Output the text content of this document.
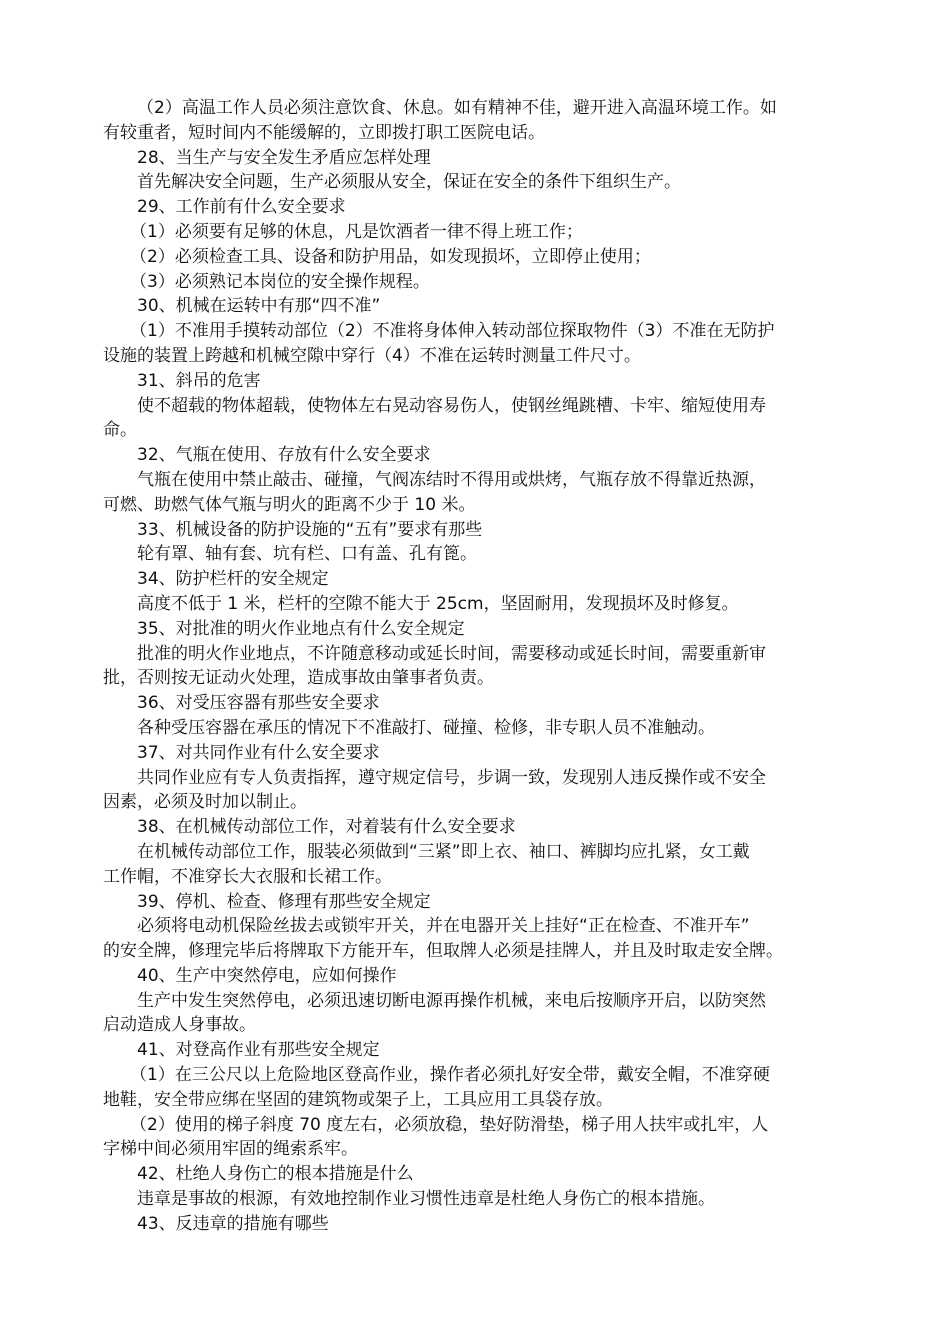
（2）高温工作人员必须注意饮食、休息。如有精神不佳，避开进入高温环境工作。如
有较重者，短时间内不能缓解的，立即拨打职工医院电话。
28、当生产与安全发生矛盾应怎样处理
首先解决安全问题，生产必须服从安全，保证在安全的条件下组织生产。
29、工作前有什么安全要求
（1）必须要有足够的休息，凡是饮酒者一律不得上班工作；
（2）必须检查工具、设备和防护用品，如发现损坏，立即停止使用；
（3）必须熟记本岗位的安全操作规程。
30、机械在运转中有那“四不准”
（1）不准用手摸转动部位（2）不准将身体伸入转动部位探取物件（3）不准在无防护
设施的装置上跨越和机械空隙中穿行（4）不准在运转时测量工件尺寸。
31、斜吊的危害
使不超载的物体超载，使物体左右晃动容易伤人，使钢丝绳跳槽、卡牢、缩短使用寿
命。
32、气瓶在使用、存放有什么安全要求
气瓶在使用中禁止敲击、碰撞，气阀冻结时不得用或烘烤，气瓶存放不得靠近热源，
可燃、助燃气体气瓶与明火的距离不少于 10 米。
33、机械设备的防护设施的“五有”要求有那些
轮有罩、轴有套、坑有栏、口有盖、孔有篦。
34、防护栏杆的安全规定
高度不低于 1 米，栏杆的空隙不能大于 25cm，坚固耐用，发现损坏及时修复。
35、对批准的明火作业地点有什么安全规定
批准的明火作业地点，不许随意移动或延长时间，需要移动或延长时间，需要重新审
批，否则按无证动火处理，造成事故由肇事者负责。
36、对受压容器有那些安全要求
各种受压容器在承压的情况下不准敲打、碰撞、检修，非专职人员不准触动。
37、对共同作业有什么安全要求
共同作业应有专人负责指挥，遵守规定信号，步调一致，发现别人违反操作或不安全
因素，必须及时加以制止。
38、在机械传动部位工作，对着装有什么安全要求
在机械传动部位工作，服装必须做到“三紧”即上衣、袖口、裤脚均应扎紧，女工戴
工作帽，不准穿长大衣服和长裙工作。
39、停机、检查、修理有那些安全规定
必须将电动机保险丝拔去或锁牢开关，并在电器开关上挂好“正在检查、不准开车”
的安全牌，修理完毕后将牌取下方能开车，但取牌人必须是挂牌人，并且及时取走安全牌。
40、生产中突然停电，应如何操作
生产中发生突然停电，必须迅速切断电源再操作机械，来电后按顺序开启，以防突然
启动造成人身事故。
41、对登高作业有那些安全规定
（1）在三公尺以上危险地区登高作业，操作者必须扎好安全带，戴安全帽，不准穿硬
地鞋，安全带应绑在坚固的建筑物或架子上，工具应用工具袋存放。
（2）使用的梯子斜度 70 度左右，必须放稳，垫好防滑垫，梯子用人扶牢或扎牢，人
字梯中间必须用牢固的绳索系牢。
42、杜绝人身伤亡的根本措施是什么
违章是事故的根源，有效地控制作业习惯性违章是杜绝人身伤亡的根本措施。
43、反违章的措施有哪些
